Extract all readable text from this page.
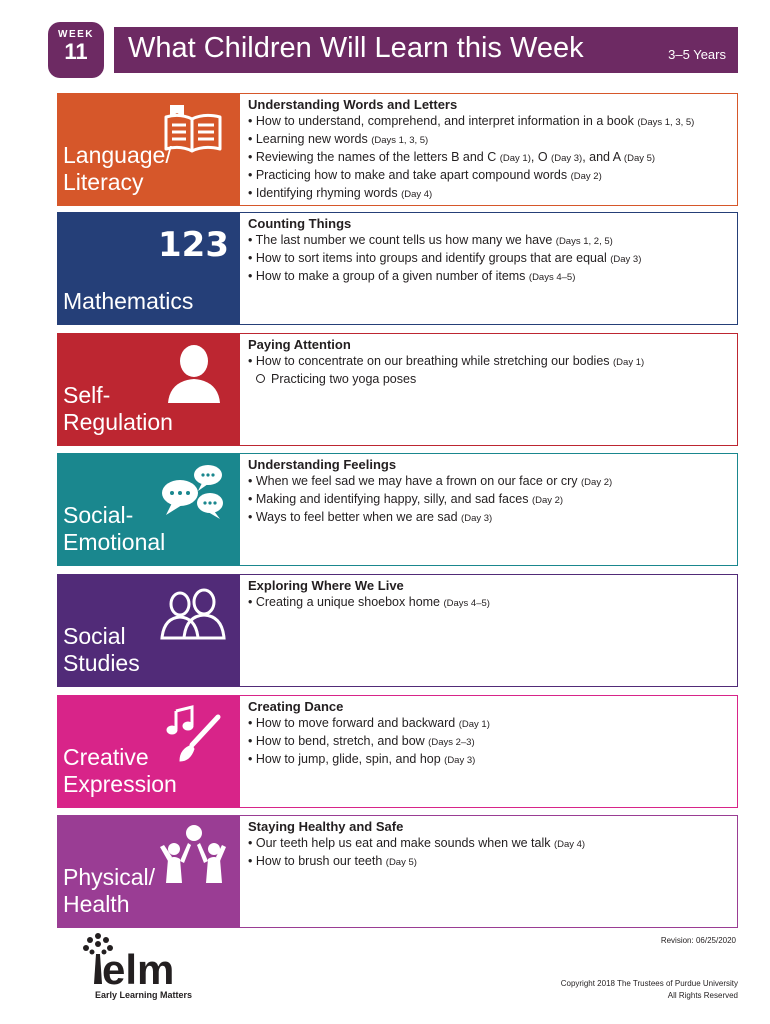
WEEK
11	What Children Will Learn this Week	3–5 Years
Language/
Literacy
Understanding Words and Letters
• How to understand, comprehend, and interpret information in a book (Days 1, 3, 5)
• Learning new words (Days 1, 3, 5)
• Reviewing the names of the letters B and C (Day 1), O (Day 3), and A (Day 5)
• Practicing how to make and take apart compound words (Day 2)
• Identifying rhyming words (Day 4)
123
Mathematics
Counting Things
• The last number we count tells us how many we have (Days 1, 2, 5)
• How to sort items into groups and identify groups that are equal (Day 3)
• How to make a group of a given number of items (Days 4–5)
Self-
Regulation
Paying Attention
• How to concentrate on our breathing while stretching our bodies (Day 1)
Practicing two yoga poses
Social-
Emotional
Understanding Feelings
• When we feel sad we may have a frown on our face or cry (Day 2)
• Making and identifying happy, silly, and sad faces (Day 2)
• Ways to feel better when we are sad (Day 3)
Social
Studies
Exploring Where We Live
• Creating a unique shoebox home (Days 4–5)
Creative
Expression
Creating Dance
• How to move forward and backward (Day 1)
• How to bend, stretch, and bow (Days 2–3)
• How to jump, glide, spin, and hop (Day 3)
Physical/
Health
Staying Healthy and Safe
• Our teeth help us eat and make sounds when we talk (Day 4)
• How to brush our teeth (Day 5)
Revision: 06/25/2020
elm
Early Learning Matters
Copyright 2018 The Trustees of Purdue University
All Rights Reserved
